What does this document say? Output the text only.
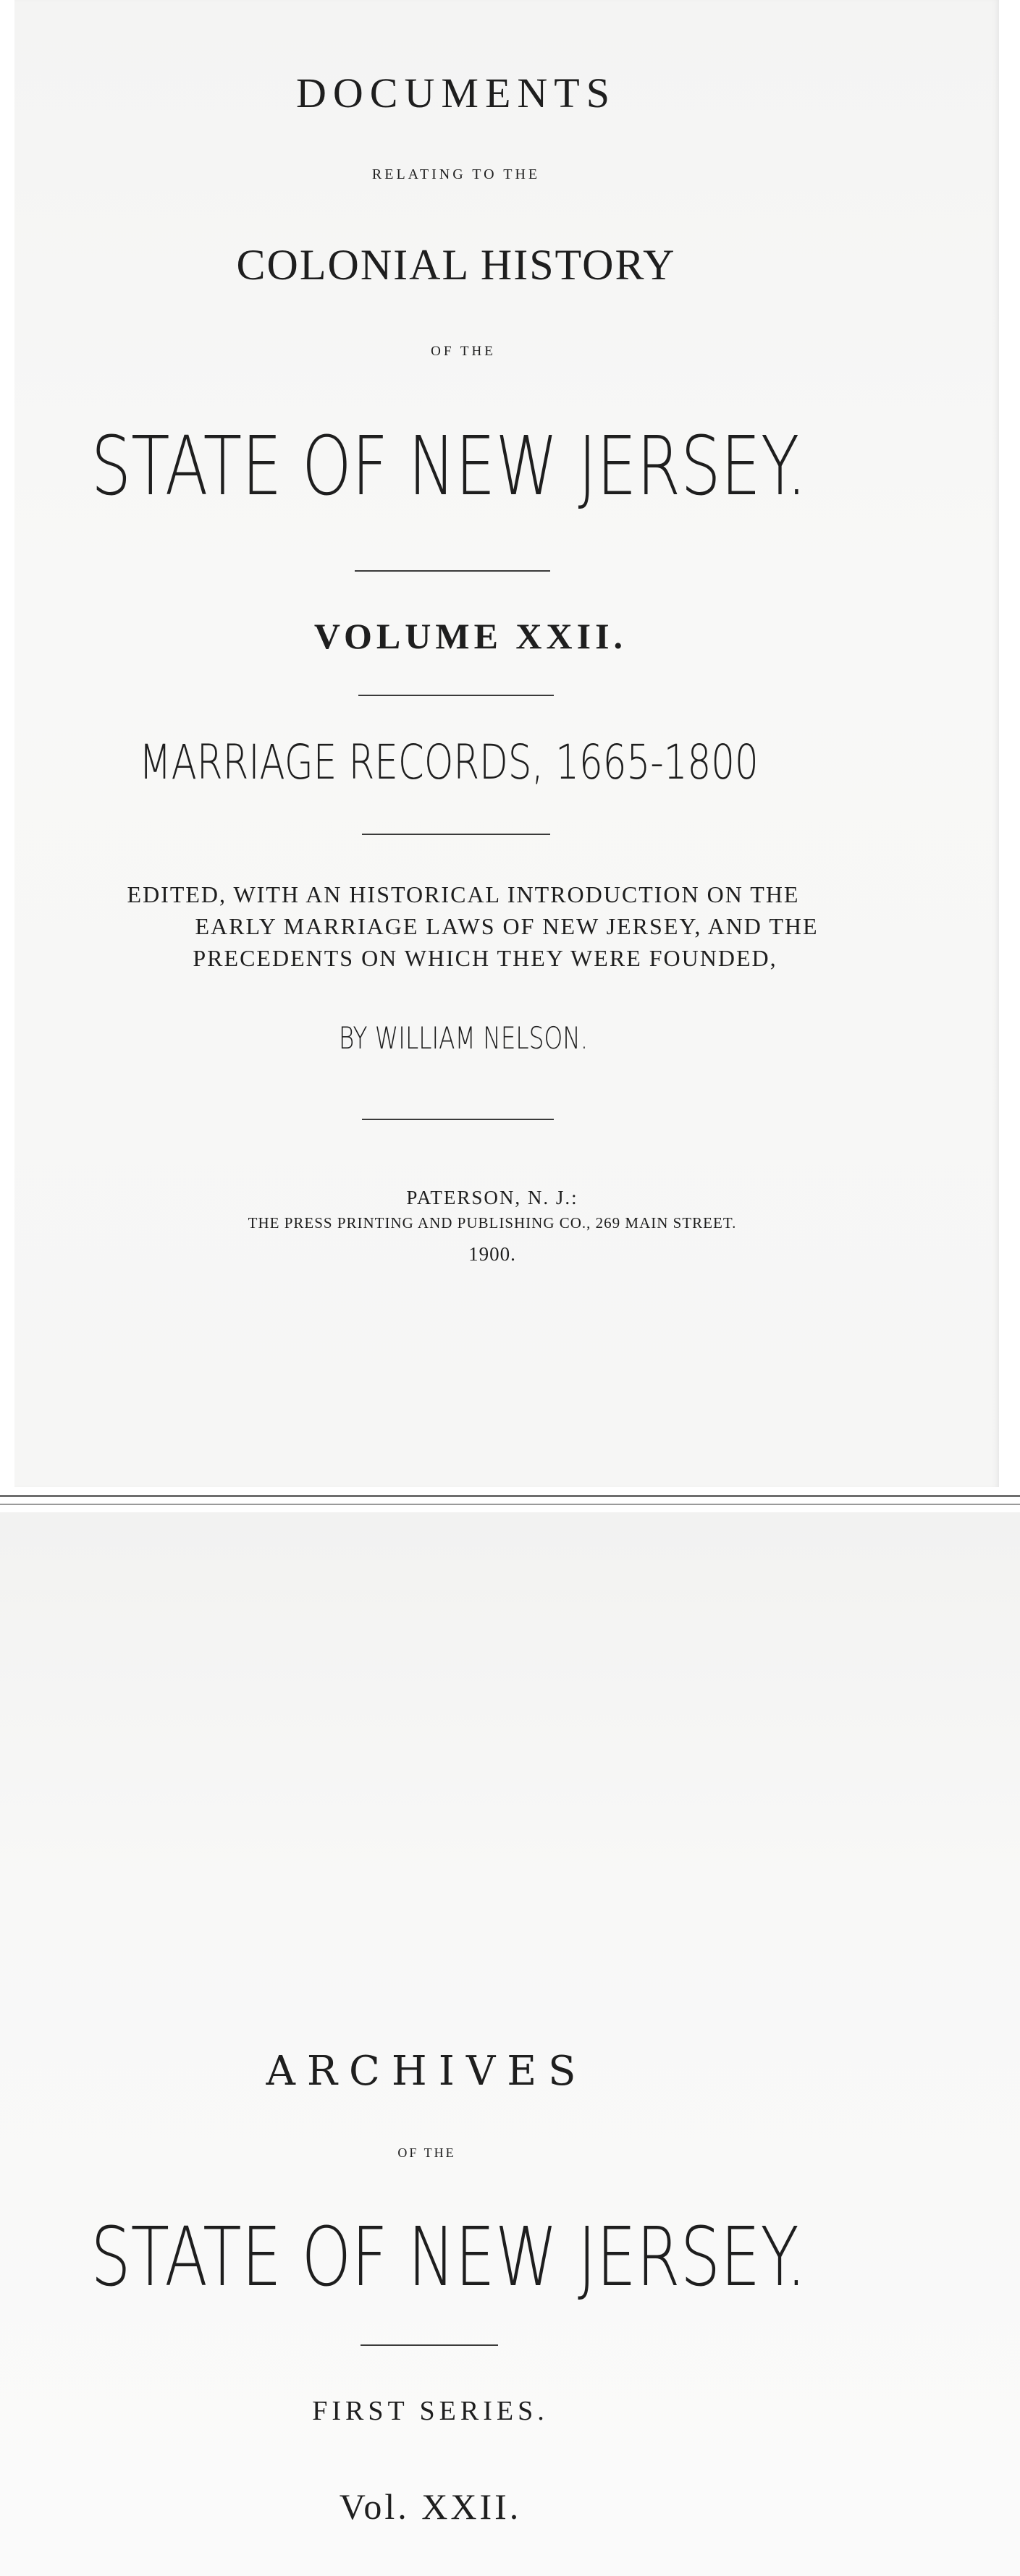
DOCUMENTS

RELATING TO THE

COLONIAL HISTORY

OF THE

STATE OF NEW JERSEY.

VOLUME XXII.

MARRIAGE RECORDS, 1665-1800

EDITED, WITH AN HISTORICAL INTRODUCTION ON THE

EARLY MARRIAGE LAWS OF NEW JERSEY, AND THE

PRECEDENTS ON WHICH THEY WERE FOUNDED,

BY WILLIAM NELSON.

PATERSON, N. J.:

THE PRESS PRINTING AND PUBLISHING CO., 269 MAIN STREET.

1900.

ARCHIVES

OF THE

STATE OF NEW JERSEY.

FIRST SERIES.

Vol. XXII.
